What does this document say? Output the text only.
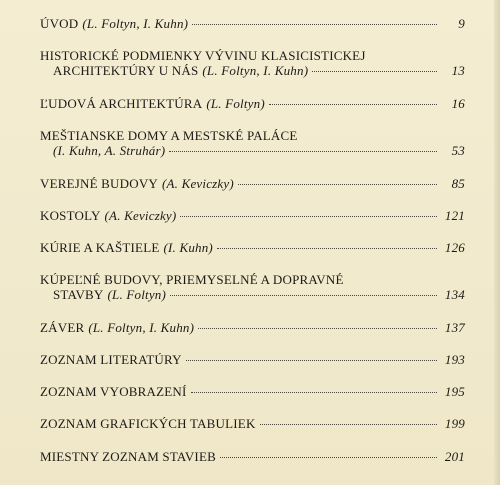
ÚVOD (L. Foltyn, I. Kuhn)	9
HISTORICKÉ PODMIENKY VÝVINU KLASICISTICKEJ
ARCHITEKTÚRY U NÁS (L. Foltyn, I. Kuhn)	13
ĽUDOVÁ ARCHITEKTÚRA (L. Foltyn)	16
MEŠTIANSKE DOMY A MESTSKÉ PALÁCE
(I. Kuhn, A. Struhár)	53
VEREJNÉ BUDOVY (A. Keviczky)	85
KOSTOLY (A. Keviczky)	121
KÚRIE A KAŠTIELE (I. Kuhn)	126
KÚPEĽNÉ BUDOVY, PRIEMYSELNÉ A DOPRAVNÉ
STAVBY (L. Foltyn)	134
ZÁVER (L. Foltyn, I. Kuhn)	137
ZOZNAM LITERATÚRY	193
ZOZNAM VYOBRAZENÍ	195
ZOZNAM GRAFICKÝCH TABULIEK	199
MIESTNY ZOZNAM STAVIEB	201
